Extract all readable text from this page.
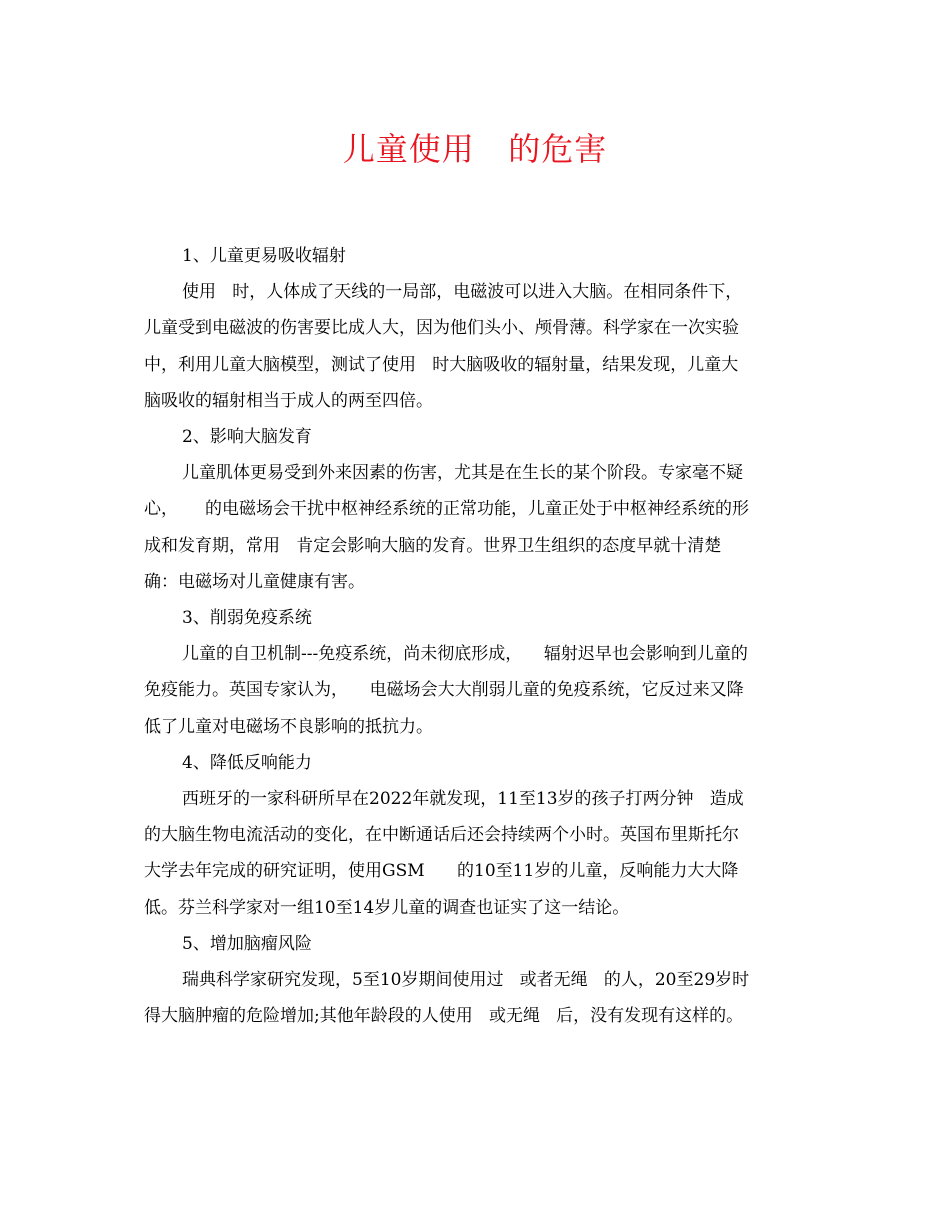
儿童使用   的危害
1、儿童更易吸收辐射
使用   时，人体成了天线的一局部，电磁波可以进入大脑。在相同条件下，
儿童受到电磁波的伤害要比成人大，因为他们头小、颅骨薄。科学家在一次实验
中，利用儿童大脑模型，测试了使用   时大脑吸收的辐射量，结果发现，儿童大
脑吸收的辐射相当于成人的两至四倍。
2、影响大脑发育
儿童肌体更易受到外来因素的伤害，尤其是在生长的某个阶段。专家毫不疑
心，     的电磁场会干扰中枢神经系统的正常功能，儿童正处于中枢神经系统的形
成和发育期，常用   肯定会影响大脑的发育。世界卫生组织的态度早就十清楚
确：电磁场对儿童健康有害。
3、削弱免疫系统
儿童的自卫机制---免疫系统，尚未彻底形成，    辐射迟早也会影响到儿童的
免疫能力。英国专家认为，    电磁场会大大削弱儿童的免疫系统，它反过来又降
低了儿童对电磁场不良影响的抵抗力。
4、降低反响能力
西班牙的一家科研所早在2022年就发现，11至13岁的孩子打两分钟   造成
的大脑生物电流活动的变化，在中断通话后还会持续两个小时。英国布里斯托尔
大学去年完成的研究证明，使用GSM      的10至11岁的儿童，反响能力大大降
低。芬兰科学家对一组10至14岁儿童的调查也证实了这一结论。
5、增加脑瘤风险
瑞典科学家研究发现，5至10岁期间使用过   或者无绳   的人，20至29岁时
得大脑肿瘤的危险增加;其他年龄段的人使用   或无绳   后，没有发现有这样的。
